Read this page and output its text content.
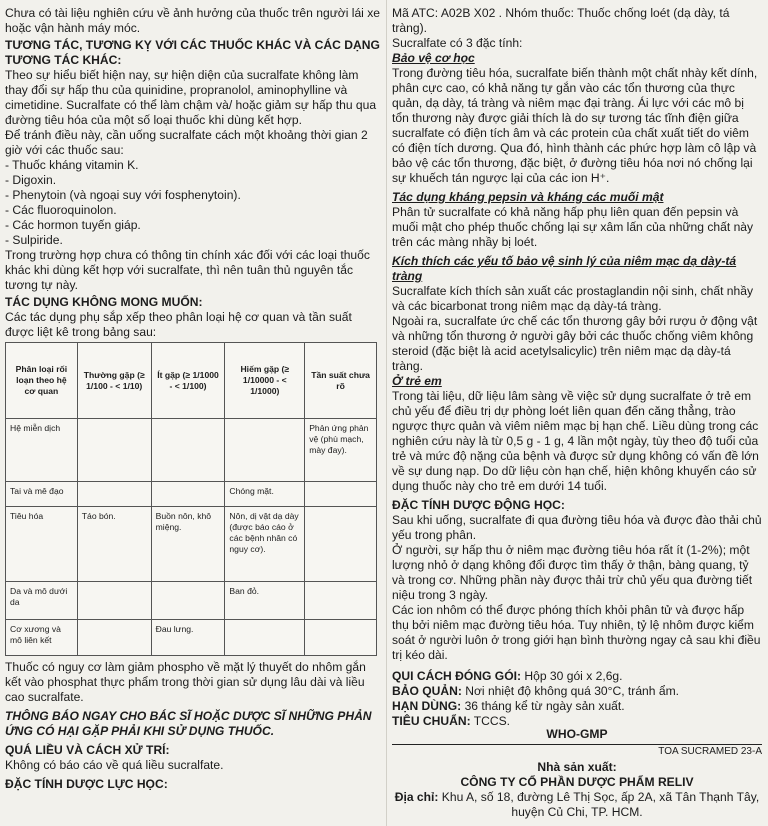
Chưa có tài liệu nghiên cứu về ảnh hưởng của thuốc trên người lái xe hoặc vận hành máy móc.

TƯƠNG TÁC, TƯƠNG KỴ VỚI CÁC THUỐC KHÁC VÀ CÁC DẠNG TƯƠNG TÁC KHÁC:

Theo sự hiểu biết hiện nay, sự hiện diện của sucralfate không làm thay đổi sự hấp thu của quinidine, propranolol, aminophylline và cimetidine. Sucralfate có thể làm chậm và/ hoặc giảm sự hấp thu qua đường tiêu hóa của một số loại thuốc khi dùng kết hợp.

Để tránh điều này, cần uống sucralfate cách một khoảng thời gian 2 giờ với các thuốc sau:

- Thuốc kháng vitamin K.

- Digoxin.

- Phenytoin (và ngoại suy với fosphenytoin).

- Các fluoroquinolon.

- Các hormon tuyến giáp.

- Sulpiride.

Trong trường hợp chưa có thông tin chính xác đối với các loại thuốc khác khi dùng kết hợp với sucralfate, thì nên tuân thủ nguyên tắc tương tự này.

TÁC DỤNG KHÔNG MONG MUỐN:

Các tác dụng phụ sắp xếp theo phân loại hệ cơ quan và tần suất được liệt kê trong bảng sau:

Phân loại rối loạn theo hệ cơ quan	Thường gặp (≥ 1/100 - < 1/10)	Ít gặp (≥ 1/1000 - < 1/100)	Hiếm gặp (≥ 1/10000 - < 1/1000)	Tần suất chưa rõ
Hệ miễn dịch				Phản ứng phản vệ (phù mạch, mày đay).
Tai và mê đạo			Chóng mặt.	
Tiêu hóa	Táo bón.	Buồn nôn, khô miệng.	Nôn, dị vật dạ dày (được báo cáo ở các bệnh nhân có nguy cơ).	
Da và mô dưới da			Ban đỏ.	
Cơ xương và mô liên kết		Đau lưng.		

Thuốc có nguy cơ làm giảm phospho về mặt lý thuyết do nhôm gắn kết vào phosphat thực phẩm trong thời gian sử dụng lâu dài và liều cao sucralfate.

THÔNG BÁO NGAY CHO BÁC SĨ HOẶC DƯỢC SĨ NHỮNG PHẢN ỨNG CÓ HẠI GẶP PHẢI KHI SỬ DỤNG THUỐC.

QUÁ LIỀU VÀ CÁCH XỬ TRÍ:

Không có báo cáo về quá liều sucralfate.

ĐẶC TÍNH DƯỢC LỰC HỌC:

Mã ATC: A02B X02 . Nhóm thuốc: Thuốc chống loét (dạ dày, tá tràng).

Sucralfate có 3 đặc tính:

Bảo vệ cơ học

Trong đường tiêu hóa, sucralfate biến thành một chất nhày kết dính, phân cực cao, có khả năng tự gắn vào các tổn thương của thực quản, dạ dày, tá tràng và niêm mạc đại tràng. Ái lực với các mô bị tổn thương này được giải thích là do sự tương tác tĩnh điện giữa sucralfate có điện tích âm và các protein của chất xuất tiết do viêm có điện tích dương. Qua đó, hình thành các phức hợp làm cô lập và bảo vệ các tổn thương, đặc biệt, ở đường tiêu hóa nơi nó chống lại sự khuếch tán ngược lại của các ion H⁺.

Tác dụng kháng pepsin và kháng các muối mật

Phân tử sucralfate có khả năng hấp phụ liên quan đến pepsin và muối mật cho phép thuốc chống lại sự xâm lấn của những chất này trên các màng nhầy bị loét.

Kích thích các yếu tố bảo vệ sinh lý của niêm mạc dạ dày-tá tràng

Sucralfate kích thích sản xuất các prostaglandin nội sinh, chất nhầy và các bicarbonat trong niêm mạc dạ dày-tá tràng.

Ngoài ra, sucralfate ức chế các tổn thương gây bởi rượu ở động vật và những tổn thương ở người gây bởi các thuốc chống viêm không steroid (đặc biệt là acid acetylsalicylic) trên niêm mạc dạ dày-tá tràng.

Ở trẻ em

Trong tài liệu, dữ liệu lâm sàng về việc sử dụng sucralfate ở trẻ em chủ yếu để điều trị dự phòng loét liên quan đến căng thẳng, trào ngược thực quản và viêm niêm mạc bị hạn chế. Liều dùng trong các nghiên cứu này là từ 0,5 g - 1 g, 4 lần một ngày, tùy theo độ tuổi của trẻ và mức độ nặng của bệnh và được sử dụng không có vấn đề lớn về sự dung nạp. Do dữ liệu còn hạn chế, hiện không khuyến cáo sử dụng thuốc này cho trẻ em dưới 14 tuổi.

ĐẶC TÍNH DƯỢC ĐỘNG HỌC:

Sau khi uống, sucralfate đi qua đường tiêu hóa và được đào thải chủ yếu trong phân.

Ở người, sự hấp thu ở niêm mạc đường tiêu hóa rất ít (1-2%); một lượng nhỏ ở dạng không đổi được tìm thấy ở thận, bàng quang, tỷ và trong cơ. Những phần này được thải trừ chủ yếu qua đường tiết niệu trong 3 ngày.

Các ion nhôm có thể được phóng thích khỏi phân tử và được hấp thụ bởi niêm mạc đường tiêu hóa. Tuy nhiên, tỷ lệ nhôm được kiểm soát ở người luôn ở trong giới hạn bình thường ngay cả sau khi điều trị kéo dài.

QUI CÁCH ĐÓNG GÓI: Hộp 30 gói x 2,6g.

BẢO QUẢN: Nơi nhiệt độ không quá 30°C, tránh ẩm.

HẠN DÙNG: 36 tháng kể từ ngày sản xuất.

TIÊU CHUẨN: TCCS.

WHO-GMP

TOA SUCRAMED 23-A

Nhà sản xuất:

CÔNG TY CỔ PHẦN DƯỢC PHẨM RELIV

Địa chỉ: Khu A, số 18, đường Lê Thị Sọc, ấp 2A, xã Tân Thạnh Tây,

huyện Củ Chi, TP. HCM.
